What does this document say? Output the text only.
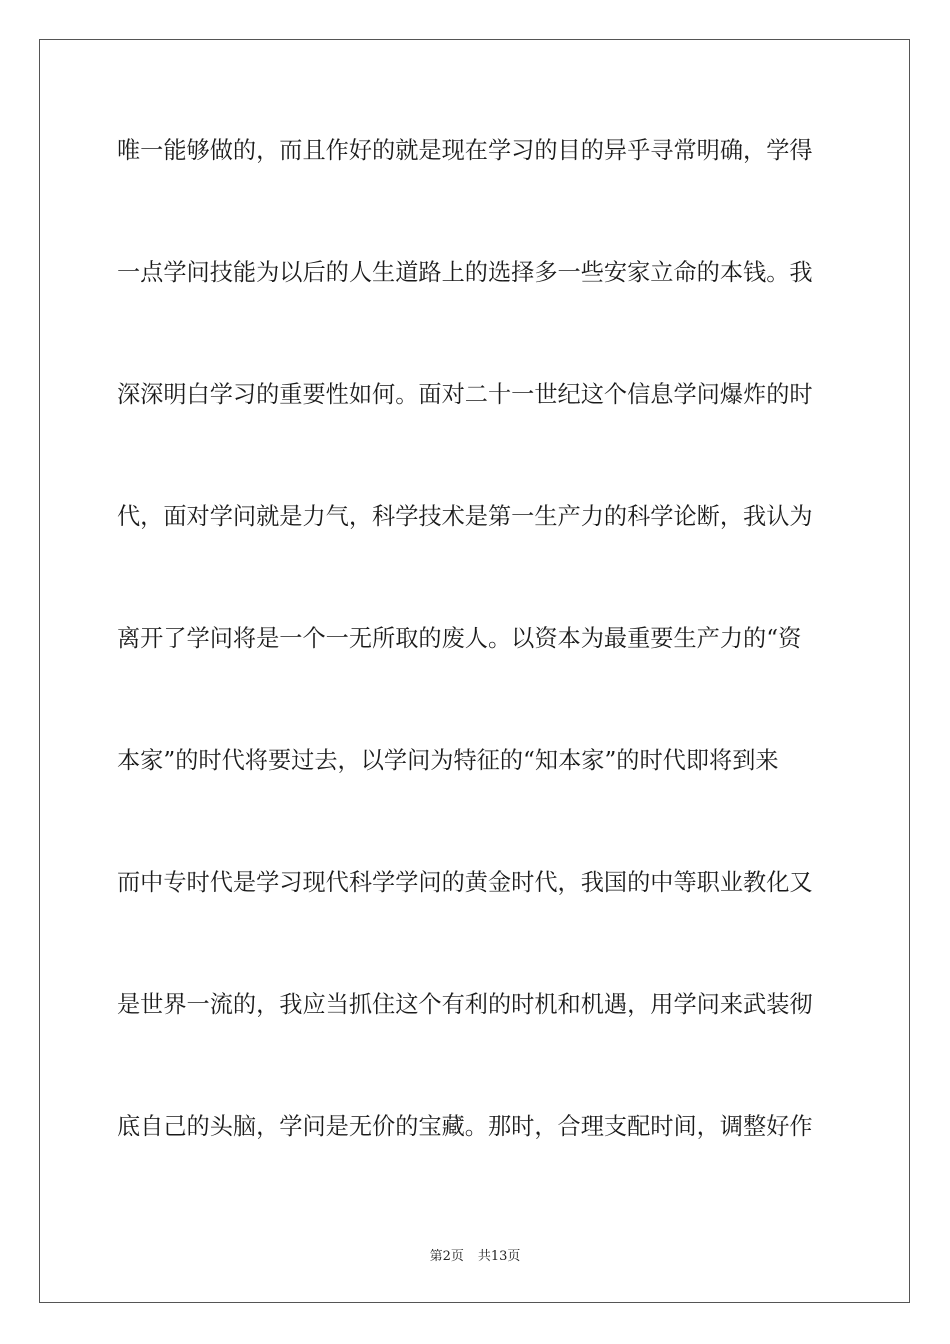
唯一能够做的，而且作好的就是现在学习的目的异乎寻常明确，学得
一点学问技能为以后的人生道路上的选择多一些安家立命的本钱。我
深深明白学习的重要性如何。面对二十一世纪这个信息学问爆炸的时
代，面对学问就是力气，科学技术是第一生产力的科学论断，我认为
离开了学问将是一个一无所取的废人。以资本为最重要生产力的“资
本家”的时代将要过去，以学问为特征的“知本家”的时代即将到来
而中专时代是学习现代科学学问的黄金时代，我国的中等职业教化又
是世界一流的，我应当抓住这个有利的时机和机遇，用学问来武装彻
底自己的头脑，学问是无价的宝藏。那时，合理支配时间，调整好作
第2页 共13页
